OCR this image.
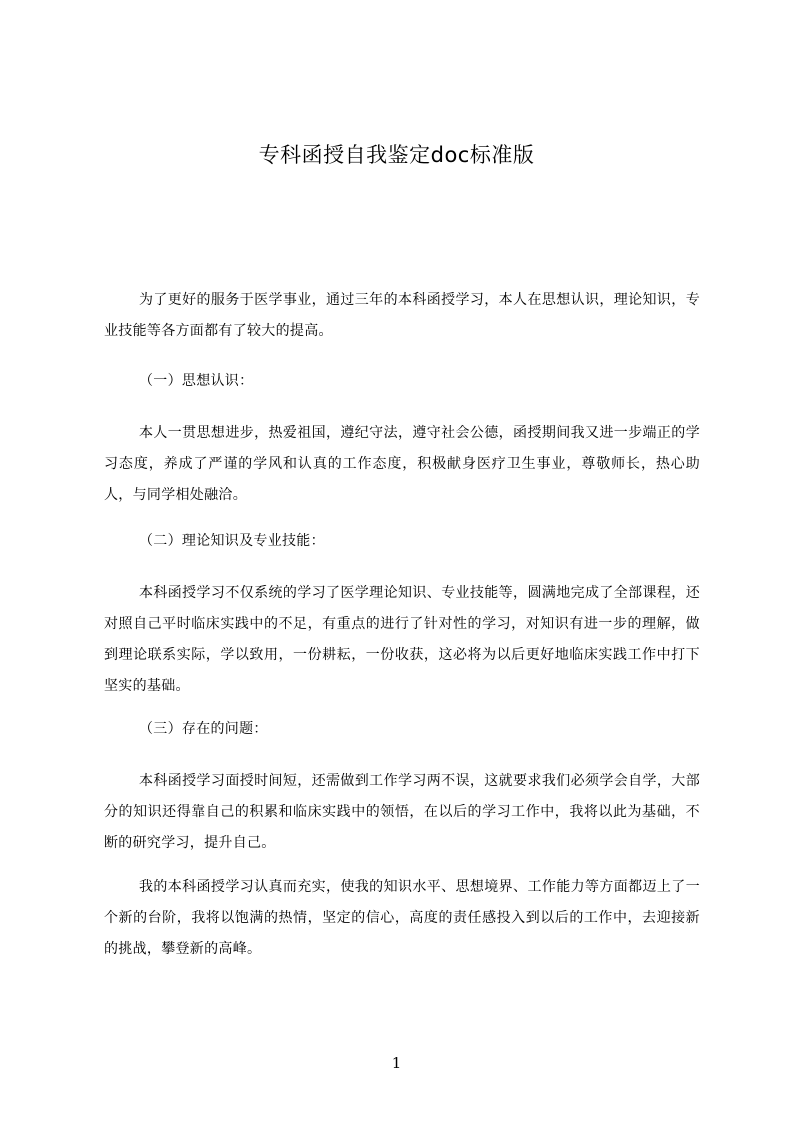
专科函授自我鉴定doc标准版

为了更好的服务于医学事业，通过三年的本科函授学习，本人在思想认识，理论知识，专业技能等各方面都有了较大的提高。

（一）思想认识：

本人一贯思想进步，热爱祖国，遵纪守法，遵守社会公德，函授期间我又进一步端正的学习态度，养成了严谨的学风和认真的工作态度，积极献身医疗卫生事业，尊敬师长，热心助人，与同学相处融洽。

（二）理论知识及专业技能：

本科函授学习不仅系统的学习了医学理论知识、专业技能等，圆满地完成了全部课程，还对照自己平时临床实践中的不足，有重点的进行了针对性的学习，对知识有进一步的理解，做到理论联系实际，学以致用，一份耕耘，一份收获，这必将为以后更好地临床实践工作中打下坚实的基础。

（三）存在的问题：

本科函授学习面授时间短，还需做到工作学习两不误，这就要求我们必须学会自学，大部分的知识还得靠自己的积累和临床实践中的领悟，在以后的学习工作中，我将以此为基础，不断的研究学习，提升自己。

我的本科函授学习认真而充实，使我的知识水平、思想境界、工作能力等方面都迈上了一个新的台阶，我将以饱满的热情，坚定的信心，高度的责任感投入到以后的工作中，去迎接新的挑战，攀登新的高峰。

1
